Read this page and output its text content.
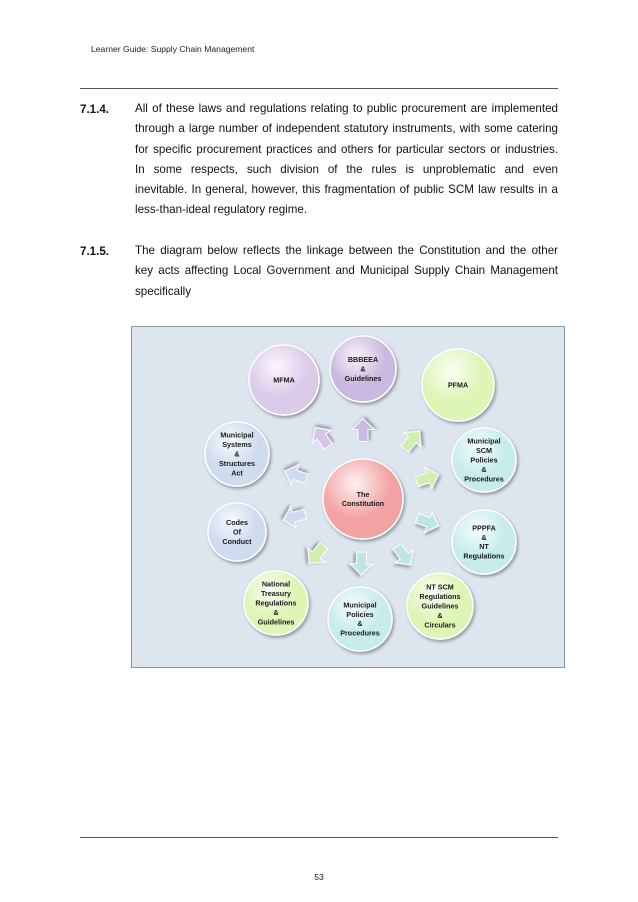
Learner Guide: Supply Chain Management
7.1.4. All of these laws and regulations relating to public procurement are implemented
through a large number of independent statutory instruments, with some catering
for specific procurement practices and others for particular sectors or industries.
In some respects, such division of the rules is unproblematic and even
inevitable. In general, however, this fragmentation of public SCM law results in a
less-than-ideal regulatory regime.
7.1.5. The diagram below reflects the linkage between the Constitution and the other
key acts affecting Local Government and Municipal Supply Chain Management
specifically
BBBEEA
&
Guidelines
PFMA
Municipal
SCM
Policies
&
Procedures
PPPFA
&
NT
Regulations
NT SCM
Regulations
Guidelines
&
Circulars
Municipal
Policies
&
Procedures
National
Treasury
Regulations
&
Guidelines
Codes
Of
Conduct
Municipal
Systems
&
Structures
Act
MFMA
The
Constitution
53
